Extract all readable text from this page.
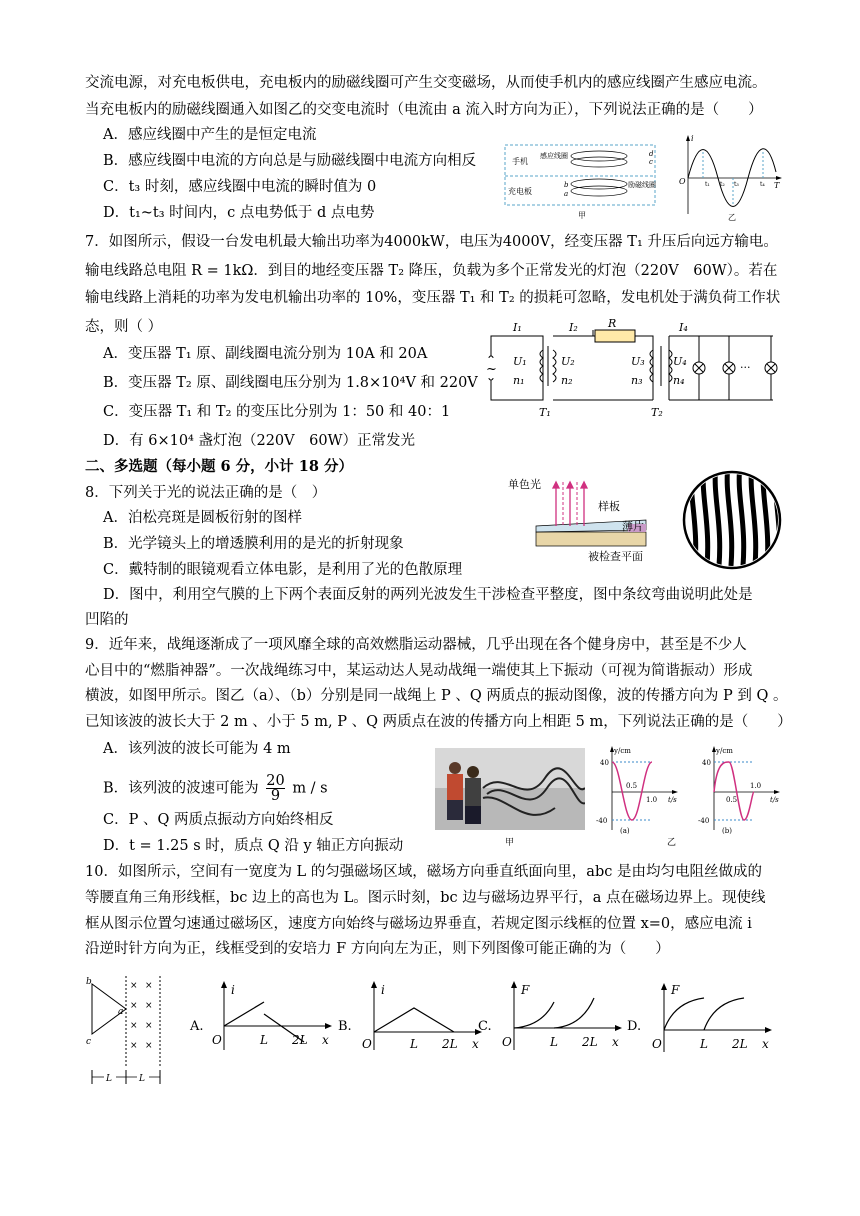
交流电源，对充电板供电，充电板内的励磁线圈可产生交变磁场，从而使手机内的感应线圈产生感应电流。
当充电板内的励磁线圈通入如图乙的交变电流时（电流由 a 流入时方向为正），下列说法正确的是（　　）
A．感应线圈中产生的是恒定电流
B．感应线圈中电流的方向总是与励磁线圈中电流方向相反
C．t₃ 时刻，感应线圈中电流的瞬时值为 0
D．t₁~t₃ 时间内，c 点电势低于 d 点电势
手机
充电板
感应线圈
励磁线圈
d
c
b
a
甲
i
O	T
t₁ t₂ t₃	t₄
乙
7．如图所示，假设一台发电机最大输出功率为4000kW，电压为4000V，经变压器 T₁ 升压后向远方输电。
输电线路总电阻 R = 1kΩ．到目的地经变压器 T₂ 降压，负载为多个正常发光的灯泡（220V　60W）。若在
输电线路上消耗的功率为发电机输出功率的 10%，变压器 T₁ 和 T₂ 的损耗可忽略，发电机处于满负荷工作状
态，则（ ）
A．变压器 T₁ 原、副线圈电流分别为 10A 和 20A
B．变压器 T₂ 原、副线圈电压分别为 1.8×10⁴V 和 220V
C．变压器 T₁ 和 T₂ 的变压比分别为 1：50 和 40：1
D．有 6×10⁴ 盏灯泡（220V　60W）正常发光
~
I₁	I₂	R	I₄
U₁
n₁
U₂
n₂
U₃
n₃
U₄
n₄
···
T₁	T₂
二、多选题（每小题 6 分，小计 18 分）
8．下列关于光的说法正确的是（　）
A．泊松亮斑是圆板衍射的图样
B．光学镜头上的增透膜利用的是光的折射现象
C．戴特制的眼镜观看立体电影，是利用了光的色散原理
D．图中，利用空气膜的上下两个表面反射的两列光波发生干涉检查平整度，图中条纹弯曲说明此处是
凹陷的
单色光
样板
薄片
被检查平面
9．近年来，战绳逐渐成了一项风靡全球的高效燃脂运动器械，几乎出现在各个健身房中，甚至是不少人
心目中的“燃脂神器”。一次战绳练习中，某运动达人晃动战绳一端使其上下振动（可视为简谐振动）形成
横波，如图甲所示。图乙（a）、（b）分别是同一战绳上 P 、Q 两质点的振动图像，波的传播方向为 P 到 Q 。
已知该波的波长大于 2 m 、小于 5 m, P 、Q 两质点在波的传播方向上相距 5 m，下列说法正确的是（　　）
A．该列波的波长可能为 4 m
B．该列波的波速可能为 $\frac{20}{9}$ m / s
C．P 、Q 两质点振动方向始终相反
D．t = 1.25 s 时，质点 Q 沿 y 轴正方向振动	甲	乙
y/cm
40
-40
0.5
1.0 t/s
(a)
y/cm
40
-40
0.5
1.0
t/s
(b)
10．如图所示，空间有一宽度为 L 的匀强磁场区域，磁场方向垂直纸面向里，abc 是由均匀电阻丝做成的
等腰直角三角形线框，bc 边上的高也为 L。图示时刻，bc 边与磁场边界平行，a 点在磁场边界上。现使线
框从图示位置匀速通过磁场区，速度方向始终与磁场边界垂直，若规定图示线框的位置 x=0，感应电流 i
沿逆时针方向为正，线框受到的安培力 F 方向向左为正，则下列图像可能正确的为（　　）
b
c
a
× ×
× ×
× ×
× ×
L	L
A.
i
O	L 2L x
B.
i
O	L 2L x
C.
F
O	L 2L x
D.
F
O	L 2L x
